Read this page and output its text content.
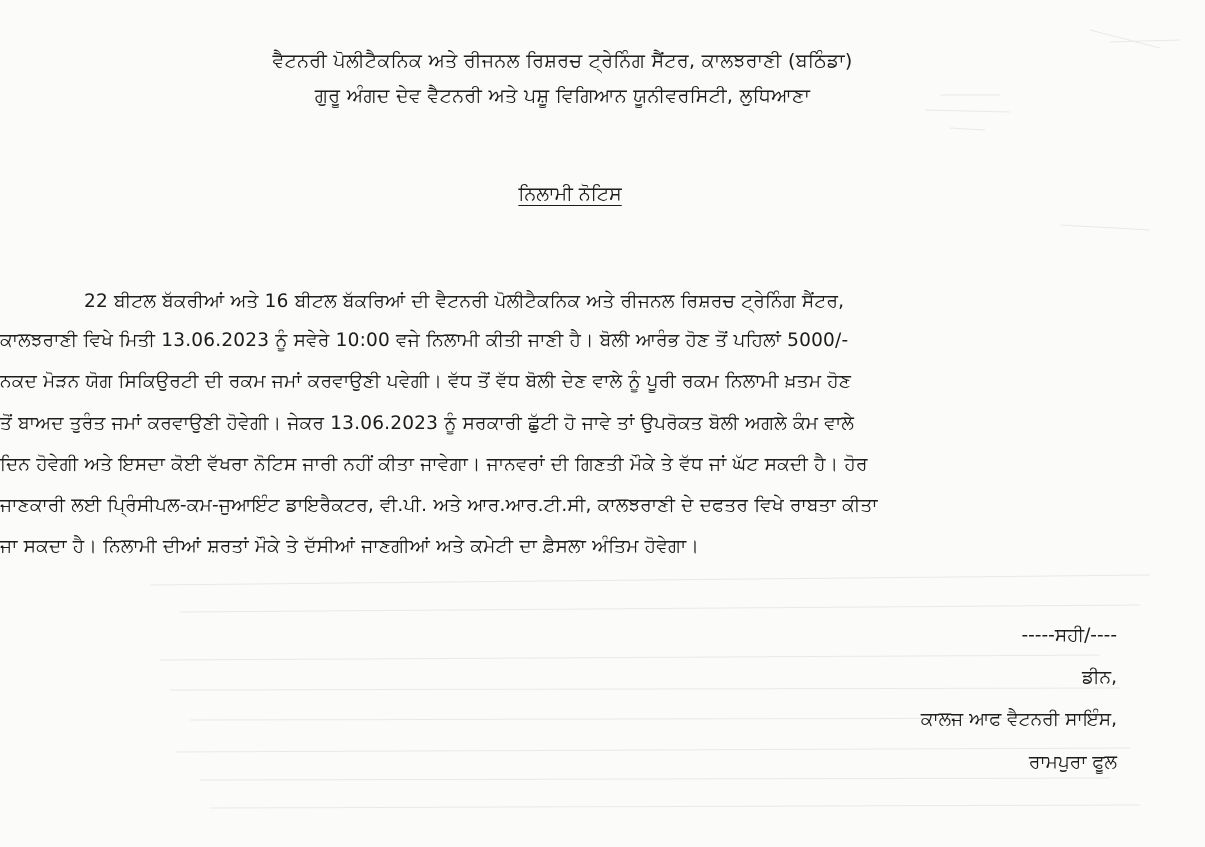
ਵੈਟਨਰੀ ਪੋਲੀਟੈਕਨਿਕ ਅਤੇ ਰੀਜਨਲ ਰਿਸ਼ਰਚ ਟ੍ਰੇਨਿੰਗ ਸੈਂਟਰ, ਕਾਲਝਰਾਣੀ (ਬਠਿੰਡਾ)
ਗੁਰੂ ਅੰਗਦ ਦੇਵ ਵੈਟਨਰੀ ਅਤੇ ਪਸ਼ੂ ਵਿਗਿਆਨ ਯੂਨੀਵਰਸਿਟੀ, ਲੁਧਿਆਣਾ
ਨਿਲਾਮੀ ਨੋਟਿਸ
22 ਬੀਟਲ ਬੱਕਰੀਆਂ ਅਤੇ 16 ਬੀਟਲ ਬੱਕਰਿਆਂ ਦੀ ਵੈਟਨਰੀ ਪੋਲੀਟੈਕਨਿਕ ਅਤੇ ਰੀਜਨਲ ਰਿਸ਼ਰਚ ਟ੍ਰੇਨਿੰਗ ਸੈਂਟਰ,
ਕਾਲਝਰਾਣੀ ਵਿਖੇ ਮਿਤੀ 13.06.2023 ਨੂੰ ਸਵੇਰੇ 10:00 ਵਜੇ ਨਿਲਾਮੀ ਕੀਤੀ ਜਾਣੀ ਹੈ। ਬੋਲੀ ਆਰੰਭ ਹੋਣ ਤੋਂ ਪਹਿਲਾਂ 5000/-
ਨਕਦ ਮੋੜਨ ਯੋਗ ਸਿਕਿਉਰਟੀ ਦੀ ਰਕਮ ਜਮਾਂ ਕਰਵਾਉਣੀ ਪਵੇਗੀ। ਵੱਧ ਤੋਂ ਵੱਧ ਬੋਲੀ ਦੇਣ ਵਾਲੇ ਨੂੰ ਪੂਰੀ ਰਕਮ ਨਿਲਾਮੀ ਖ਼ਤਮ ਹੋਣ
ਤੋਂ ਬਾਅਦ ਤੁਰੰਤ ਜਮਾਂ ਕਰਵਾਉਣੀ ਹੋਵੇਗੀ। ਜੇਕਰ 13.06.2023 ਨੂੰ ਸਰਕਾਰੀ ਛੁੱਟੀ ਹੋ ਜਾਵੇ ਤਾਂ ਉਪਰੋਕਤ ਬੋਲੀ ਅਗਲੇ ਕੰਮ ਵਾਲੇ
ਦਿਨ ਹੋਵੇਗੀ ਅਤੇ ਇਸਦਾ ਕੋਈ ਵੱਖਰਾ ਨੋਟਿਸ ਜਾਰੀ ਨਹੀਂ ਕੀਤਾ ਜਾਵੇਗਾ। ਜਾਨਵਰਾਂ ਦੀ ਗਿਣਤੀ ਮੌਕੇ ਤੇ ਵੱਧ ਜਾਂ ਘੱਟ ਸਕਦੀ ਹੈ। ਹੋਰ
ਜਾਣਕਾਰੀ ਲਈ ਪ੍ਰਿੰਸੀਪਲ-ਕਮ-ਜੁਆਇੰਟ ਡਾਇਰੈਕਟਰ, ਵੀ.ਪੀ. ਅਤੇ ਆਰ.ਆਰ.ਟੀ.ਸੀ, ਕਾਲਝਰਾਣੀ ਦੇ ਦਫਤਰ ਵਿਖੇ ਰਾਬਤਾ ਕੀਤਾ
ਜਾ ਸਕਦਾ ਹੈ। ਨਿਲਾਮੀ ਦੀਆਂ ਸ਼ਰਤਾਂ ਮੌਕੇ ਤੇ ਦੱਸੀਆਂ ਜਾਣਗੀਆਂ ਅਤੇ ਕਮੇਟੀ ਦਾ ਫ਼ੈਸਲਾ ਅੰਤਿਮ ਹੋਵੇਗਾ।
-----ਸਹੀ/----
ਡੀਨ,
ਕਾਲਜ ਆਫ ਵੈਟਨਰੀ ਸਾਇੰਸ,
ਰਾਮਪੁਰਾ ਫੂਲ
